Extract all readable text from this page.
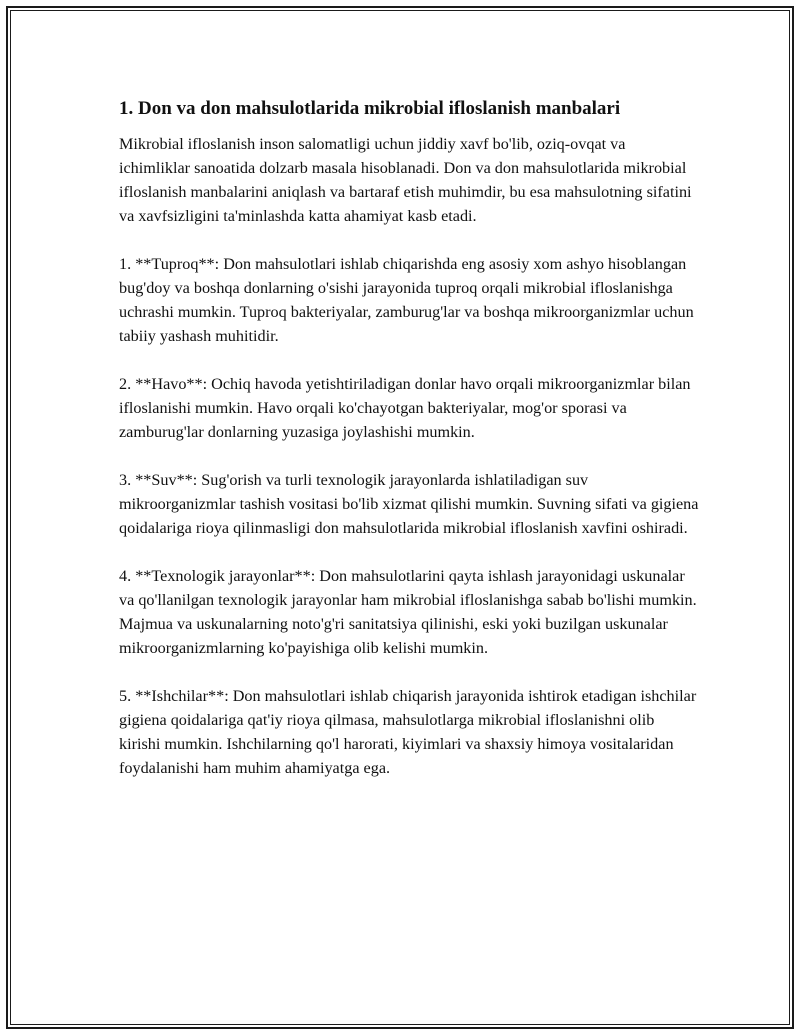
1. Don va don mahsulotlarida mikrobial ifloslanish manbalari

Mikrobial ifloslanish inson salomatligi uchun jiddiy xavf bo'lib, oziq-ovqat va ichimliklar sanoatida dolzarb masala hisoblanadi. Don va don mahsulotlarida mikrobial ifloslanish manbalarini aniqlash va bartaraf etish muhimdir, bu esa mahsulotning sifatini va xavfsizligini ta'minlashda katta ahamiyat kasb etadi.

1. **Tuproq**: Don mahsulotlari ishlab chiqarishda eng asosiy xom ashyo hisoblangan bug'doy va boshqa donlarning o'sishi jarayonida tuproq orqali mikrobial ifloslanishga uchrashi mumkin. Tuproq bakteriyalar, zamburug'lar va boshqa mikroorganizmlar uchun tabiiy yashash muhitidir.

2. **Havo**: Ochiq havoda yetishtiriladigan donlar havo orqali mikroorganizmlar bilan ifloslanishi mumkin. Havo orqali ko'chayotgan bakteriyalar, mog'or sporasi va zamburug'lar donlarning yuzasiga joylashishi mumkin.

3. **Suv**: Sug'orish va turli texnologik jarayonlarda ishlatiladigan suv mikroorganizmlar tashish vositasi bo'lib xizmat qilishi mumkin. Suvning sifati va gigiena qoidalariga rioya qilinmasligi don mahsulotlarida mikrobial ifloslanish xavfini oshiradi.

4. **Texnologik jarayonlar**: Don mahsulotlarini qayta ishlash jarayonidagi uskunalar va qo'llanilgan texnologik jarayonlar ham mikrobial ifloslanishga sabab bo'lishi mumkin. Majmua va uskunalarning noto'g'ri sanitatsiya qilinishi, eski yoki buzilgan uskunalar mikroorganizmlarning ko'payishiga olib kelishi mumkin.

5. **Ishchilar**: Don mahsulotlari ishlab chiqarish jarayonida ishtirok etadigan ishchilar gigiena qoidalariga qat'iy rioya qilmasa, mahsulotlarga mikrobial ifloslanishni olib kirishi mumkin. Ishchilarning qo'l harorati, kiyimlari va shaxsiy himoya vositalaridan foydalanishi ham muhim ahamiyatga ega.
